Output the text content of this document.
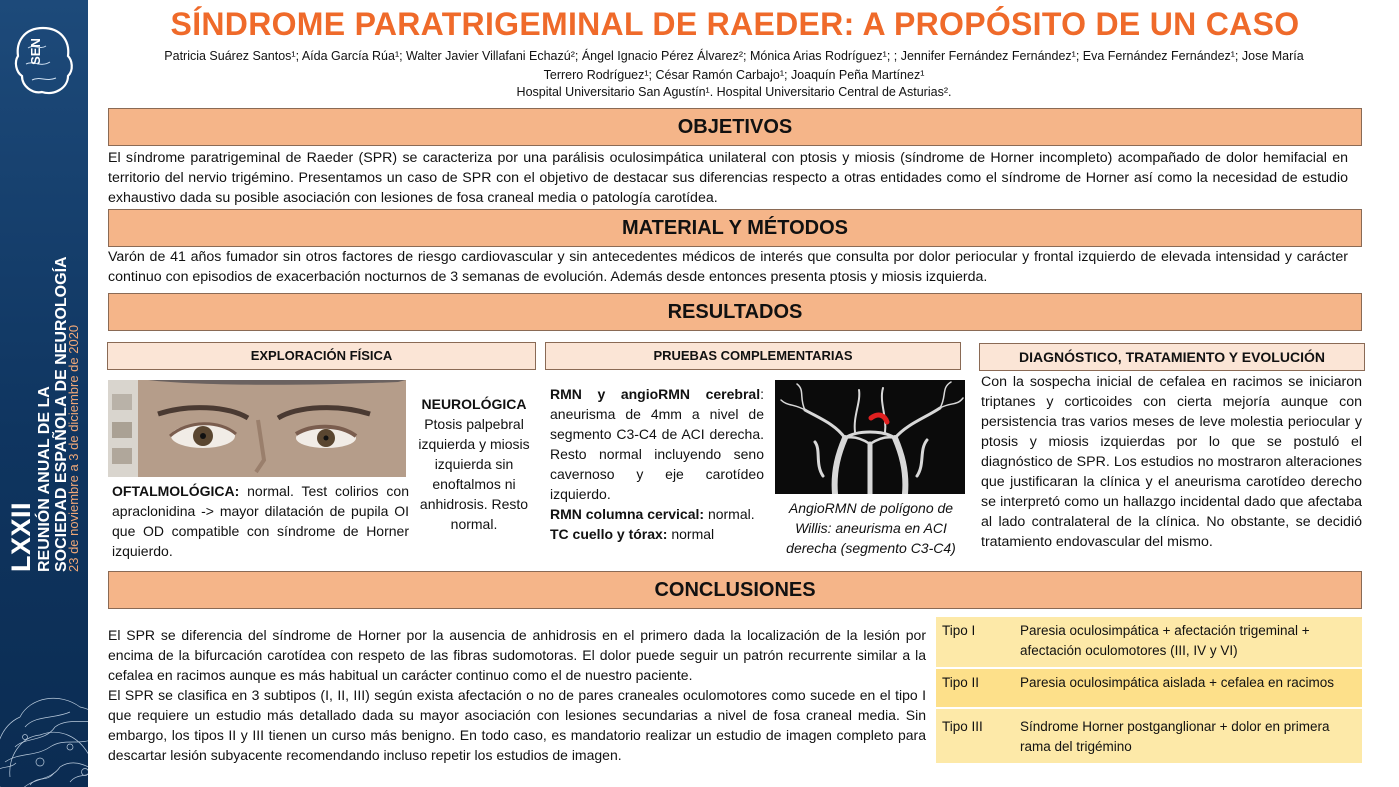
SEN
LXXII REUNIÓN ANUAL DE LA SOCIEDAD ESPAÑOLA DE NEUROLOGÍA
23 de noviembre a 3 de diciembre de 2020
SÍNDROME PARATRIGEMINAL DE RAEDER: A PROPÓSITO DE UN CASO
Patricia Suárez Santos¹; Aída García Rúa¹; Walter Javier Villafani Echazú²; Ángel Ignacio Pérez Álvarez²; Mónica Arias Rodríguez¹; ; Jennifer Fernández Fernández¹; Eva Fernández Fernández¹; Jose María
Terrero Rodríguez¹; César Ramón Carbajo¹; Joaquín Peña Martínez¹
Hospital Universitario San Agustín¹. Hospital Universitario Central de Asturias².
OBJETIVOS
El síndrome paratrigeminal de Raeder (SPR) se caracteriza por una parálisis oculosimpática unilateral con ptosis y miosis (síndrome de Horner incompleto) acompañado de dolor hemifacial en territorio del nervio trigémino. Presentamos un caso de SPR con el objetivo de destacar sus diferencias respecto a otras entidades como el síndrome de Horner así como la necesidad de estudio exhaustivo dada su posible asociación con lesiones de fosa craneal media o patología carotídea.
MATERIAL Y MÉTODOS
Varón de 41 años fumador sin otros factores de riesgo cardiovascular y sin antecedentes médicos de interés que consulta por dolor periocular y frontal izquierdo de elevada intensidad y carácter continuo con episodios de exacerbación nocturnos de 3 semanas de evolución. Además desde entonces presenta ptosis y miosis izquierda.
RESULTADOS
EXPLORACIÓN FÍSICA	PRUEBAS COMPLEMENTARIAS	DIAGNÓSTICO, TRATAMIENTO Y EVOLUCIÓN
OFTALMOLÓGICA: normal. Test colirios con apraclonidina -> mayor dilatación de pupila OI que OD compatible con síndrome de Horner izquierdo.
NEUROLÓGICA
Ptosis palpebral izquierda y miosis izquierda sin enoftalmos ni anhidrosis. Resto normal.
RMN y angioRMN cerebral: aneurisma de 4mm a nivel de segmento C3-C4 de ACI derecha. Resto normal incluyendo seno cavernoso y eje carotídeo izquierdo.
RMN columna cervical: normal.
TC cuello y tórax: normal
AngioRMN de polígono de Willis: aneurisma en ACI derecha (segmento C3-C4)
Con la sospecha inicial de cefalea en racimos se iniciaron triptanes y corticoides con cierta mejoría aunque con persistencia tras varios meses de leve molestia periocular y ptosis y miosis izquierdas por lo que se postuló el diagnóstico de SPR. Los estudios no mostraron alteraciones que justificaran la clínica y el aneurisma carotídeo derecho se interpretó como un hallazgo incidental dado que afectaba al lado contralateral de la clínica. No obstante, se decidió tratamiento endovascular del mismo.
CONCLUSIONES
El SPR se diferencia del síndrome de Horner por la ausencia de anhidrosis en el primero dada la localización de la lesión por encima de la bifurcación carotídea con respeto de las fibras sudomotoras. El dolor puede seguir un patrón recurrente similar a la cefalea en racimos aunque es más habitual un carácter continuo como el de nuestro paciente.
El SPR se clasifica en 3 subtipos (I, II, III) según exista afectación o no de pares craneales oculomotores como sucede en el tipo I que requiere un estudio más detallado dada su mayor asociación con lesiones secundarias a nivel de fosa craneal media. Sin embargo, los tipos II y III tienen un curso más benigno. En todo caso, es mandatorio realizar un estudio de imagen completo para descartar lesión subyacente recomendando incluso repetir los estudios de imagen.
Tipo I	Paresia oculosimpática + afectación trigeminal + afectación oculomotores (III, IV y VI)
Tipo II	Paresia oculosimpática aislada + cefalea en racimos
Tipo III	Síndrome Horner postganglionar + dolor en primera rama del trigémino
